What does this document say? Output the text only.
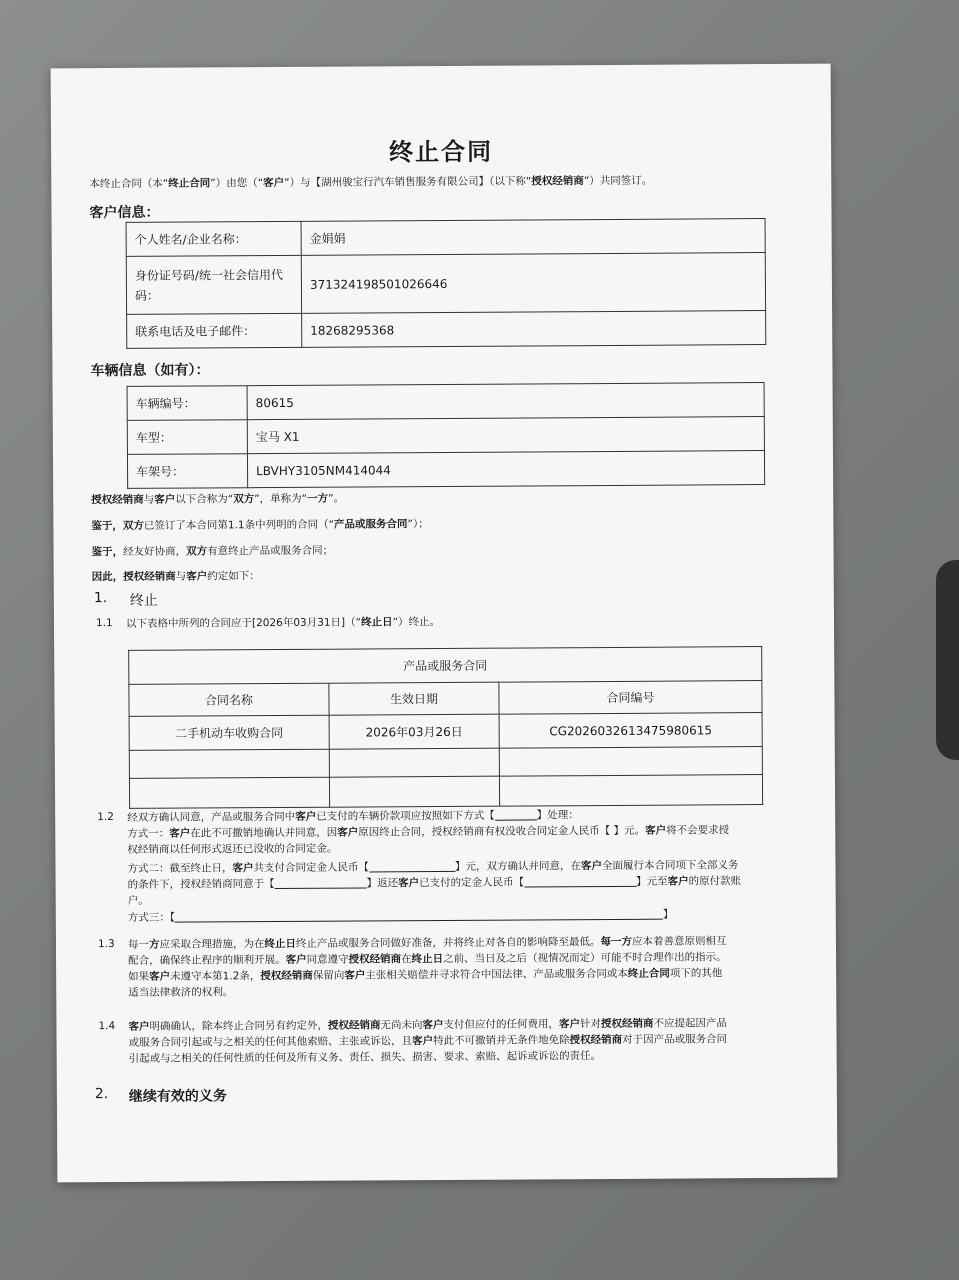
终止合同
本终止合同（本“终止合同”）由您（“客户”）与【湖州骏宝行汽车销售服务有限公司】（以下称“授权经销商”）共同签订。
客户信息：
个人姓名/企业名称：	金娟娟
身份证号码/统一社会信用代码：	371324198501026646
联系电话及电子邮件：	18268295368
车辆信息（如有）：
车辆编号：	80615
车型：	宝马 X1
车架号：	LBVHY3105NM414044
授权经销商与客户以下合称为“双方”，单称为“一方”。
鉴于，双方已签订了本合同第1.1条中列明的合同（“产品或服务合同”）；
鉴于，经友好协商，双方有意终止产品或服务合同；
因此，授权经销商与客户约定如下：
1. 终止
1.1 以下表格中所列的合同应于[2026年03月31日]（“终止日”）终止。
产品或服务合同		
合同名称	生效日期	合同编号
二手机动车收购合同	2026年03月26日	CG2026032613475980615

1.2 经双方确认同意，产品或服务合同中客户已支付的车辆价款项应按照如下方式【	】处理：
方式一：客户在此不可撤销地确认并同意，因客户原因终止合同，授权经销商有权没收合同定金人民币【 】元。客户将不会要求授
权经销商以任何形式返还已没收的合同定金。
方式二：截至终止日，客户共支付合同定金人民币【	】元，双方确认并同意，在客户全面履行本合同项下全部义务
的条件下，授权经销商同意于【	】返还客户已支付的定金人民币【	】元至客户的原付款账
户。
方式三：【	】
1.3 每一方应采取合理措施，为在终止日终止产品或服务合同做好准备，并将终止对各自的影响降至最低。每一方应本着善意原则相互
配合，确保终止程序的顺利开展。客户同意遵守授权经销商在终止日之前、当日及之后（视情况而定）可能不时合理作出的指示。
如果客户未遵守本第1.2条，授权经销商保留向客户主张相关赔偿并寻求符合中国法律、产品或服务合同或本终止合同项下的其他
适当法律救济的权利。
1.4 客户明确确认，除本终止合同另有约定外，授权经销商无尚未向客户支付但应付的任何费用，客户针对授权经销商不应提起因产品
或服务合同引起或与之相关的任何其他索赔、主张或诉讼，且客户特此不可撤销并无条件地免除授权经销商对于因产品或服务合同
引起或与之相关的任何性质的任何及所有义务、责任、损失、损害、要求、索赔、起诉或诉讼的责任。
2. 继续有效的义务
